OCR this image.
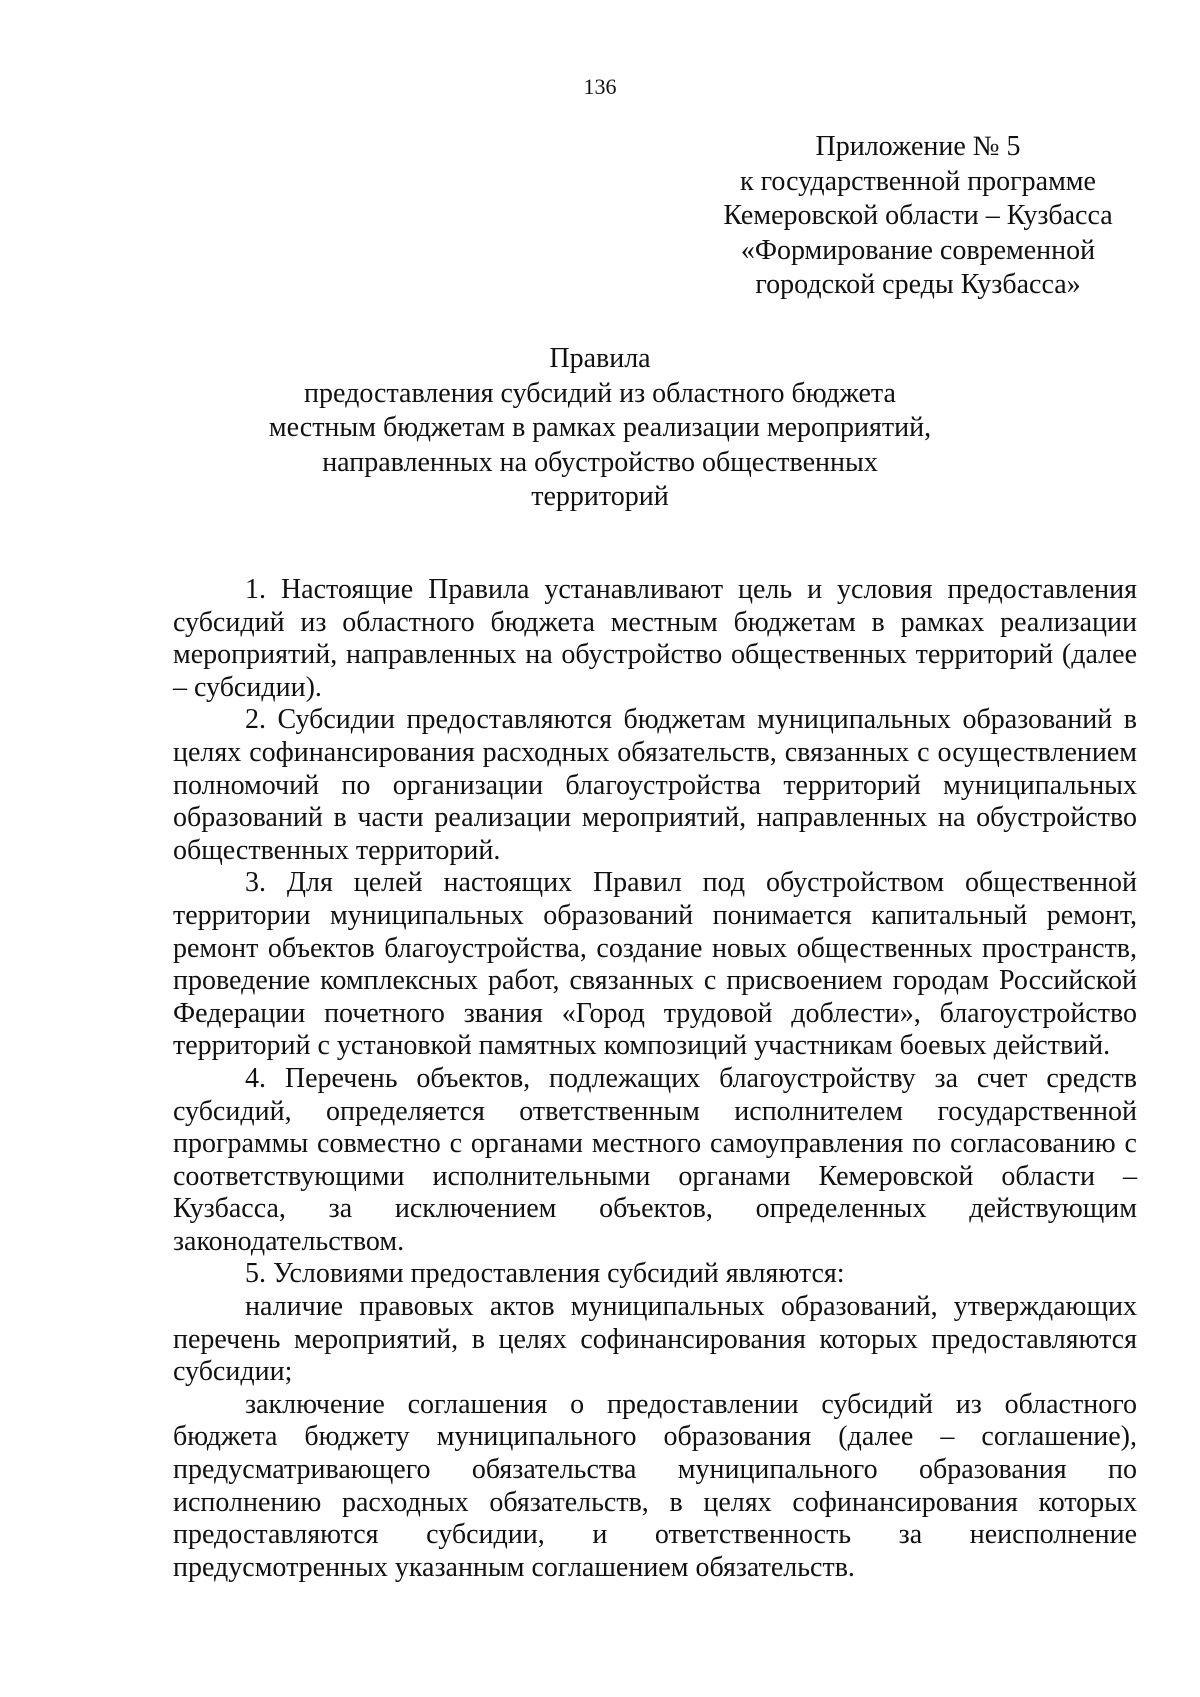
136
Приложение № 5
к государственной программе
Кемеровской области – Кузбасса
«Формирование современной
городской среды Кузбасса»
Правила
предоставления субсидий из областного бюджета
местным бюджетам в рамках реализации мероприятий,
направленных на обустройство общественных
территорий

1. Настоящие Правила устанавливают цель и условия предоставления субсидий из областного бюджета местным бюджетам в рамках реализации мероприятий, направленных на обустройство общественных территорий (далее – субсидии).

2. Субсидии предоставляются бюджетам муниципальных образований в целях софинансирования расходных обязательств, связанных с осуществлением полномочий по организации благоустройства территорий муниципальных образований в части реализации мероприятий, направленных на обустройство общественных территорий.

3. Для целей настоящих Правил под обустройством общественной территории муниципальных образований понимается капитальный ремонт, ремонт объектов благоустройства, создание новых общественных пространств, проведение комплексных работ, связанных с присвоением городам Российской Федерации почетного звания «Город трудовой доблести», благоустройство территорий с установкой памятных композиций участникам боевых действий.

4. Перечень объектов, подлежащих благоустройству за счет средств субсидий, определяется ответственным исполнителем государственной программы совместно с органами местного самоуправления по согласованию с соответствующими исполнительными органами Кемеровской области – Кузбасса, за исключением объектов, определенных действующим законодательством.

5. Условиями предоставления субсидий являются:

наличие правовых актов муниципальных образований, утверждающих перечень мероприятий, в целях софинансирования которых предоставляются субсидии;

заключение соглашения о предоставлении субсидий из областного бюджета бюджету муниципального образования (далее – соглашение), предусматривающего обязательства муниципального образования по исполнению расходных обязательств, в целях софинансирования которых предоставляются субсидии, и ответственность за неисполнение предусмотренных указанным соглашением обязательств.
